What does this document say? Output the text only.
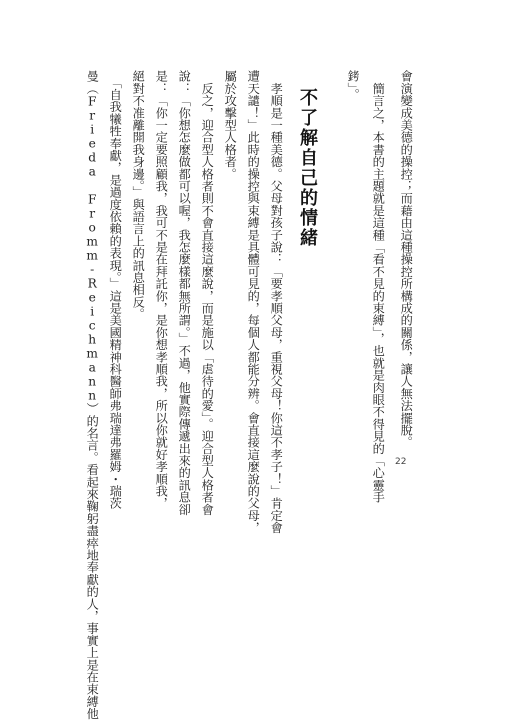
會演變成美德的操控；而藉由這種操控所構成的關係，讓人無法擺脫。
　簡言之，本書的主題就是這種「看不見的束縛」，也就是肉眼不得見的「心靈手
銬」。
不了解自己的情緒
　孝順是一種美德。父母對孩子說：「要孝順父母，重視父母！你這不孝子！」肯定會
遭天譴！」此時的操控與束縛是具體可見的，每個人都能分辨。會直接這麼說的父母，
屬於攻擊型人格者。
　反之，迎合型人格者則不會直接這麼說，而是施以「虐待的愛」。迎合型人格者會
說：「你想怎麼做都可以喔，我怎麼樣都無所謂。」不過，他實際傳遞出來的訊息卻
是：「你一定要照顧我，我可不是在拜託你，是你想孝順我，所以你就好孝順我，
絕對不准離開我身邊。」與語言上的訊息相反。
　「自我犧牲奉獻，是過度依賴的表現。」這是美國精神科醫師弗瑞達弗羅姆・瑞茨
曼（Frieda Fromm-Reichmann）的名言。看起來鞠躬盡瘁地奉獻的人，事實上是在束縛他	22
